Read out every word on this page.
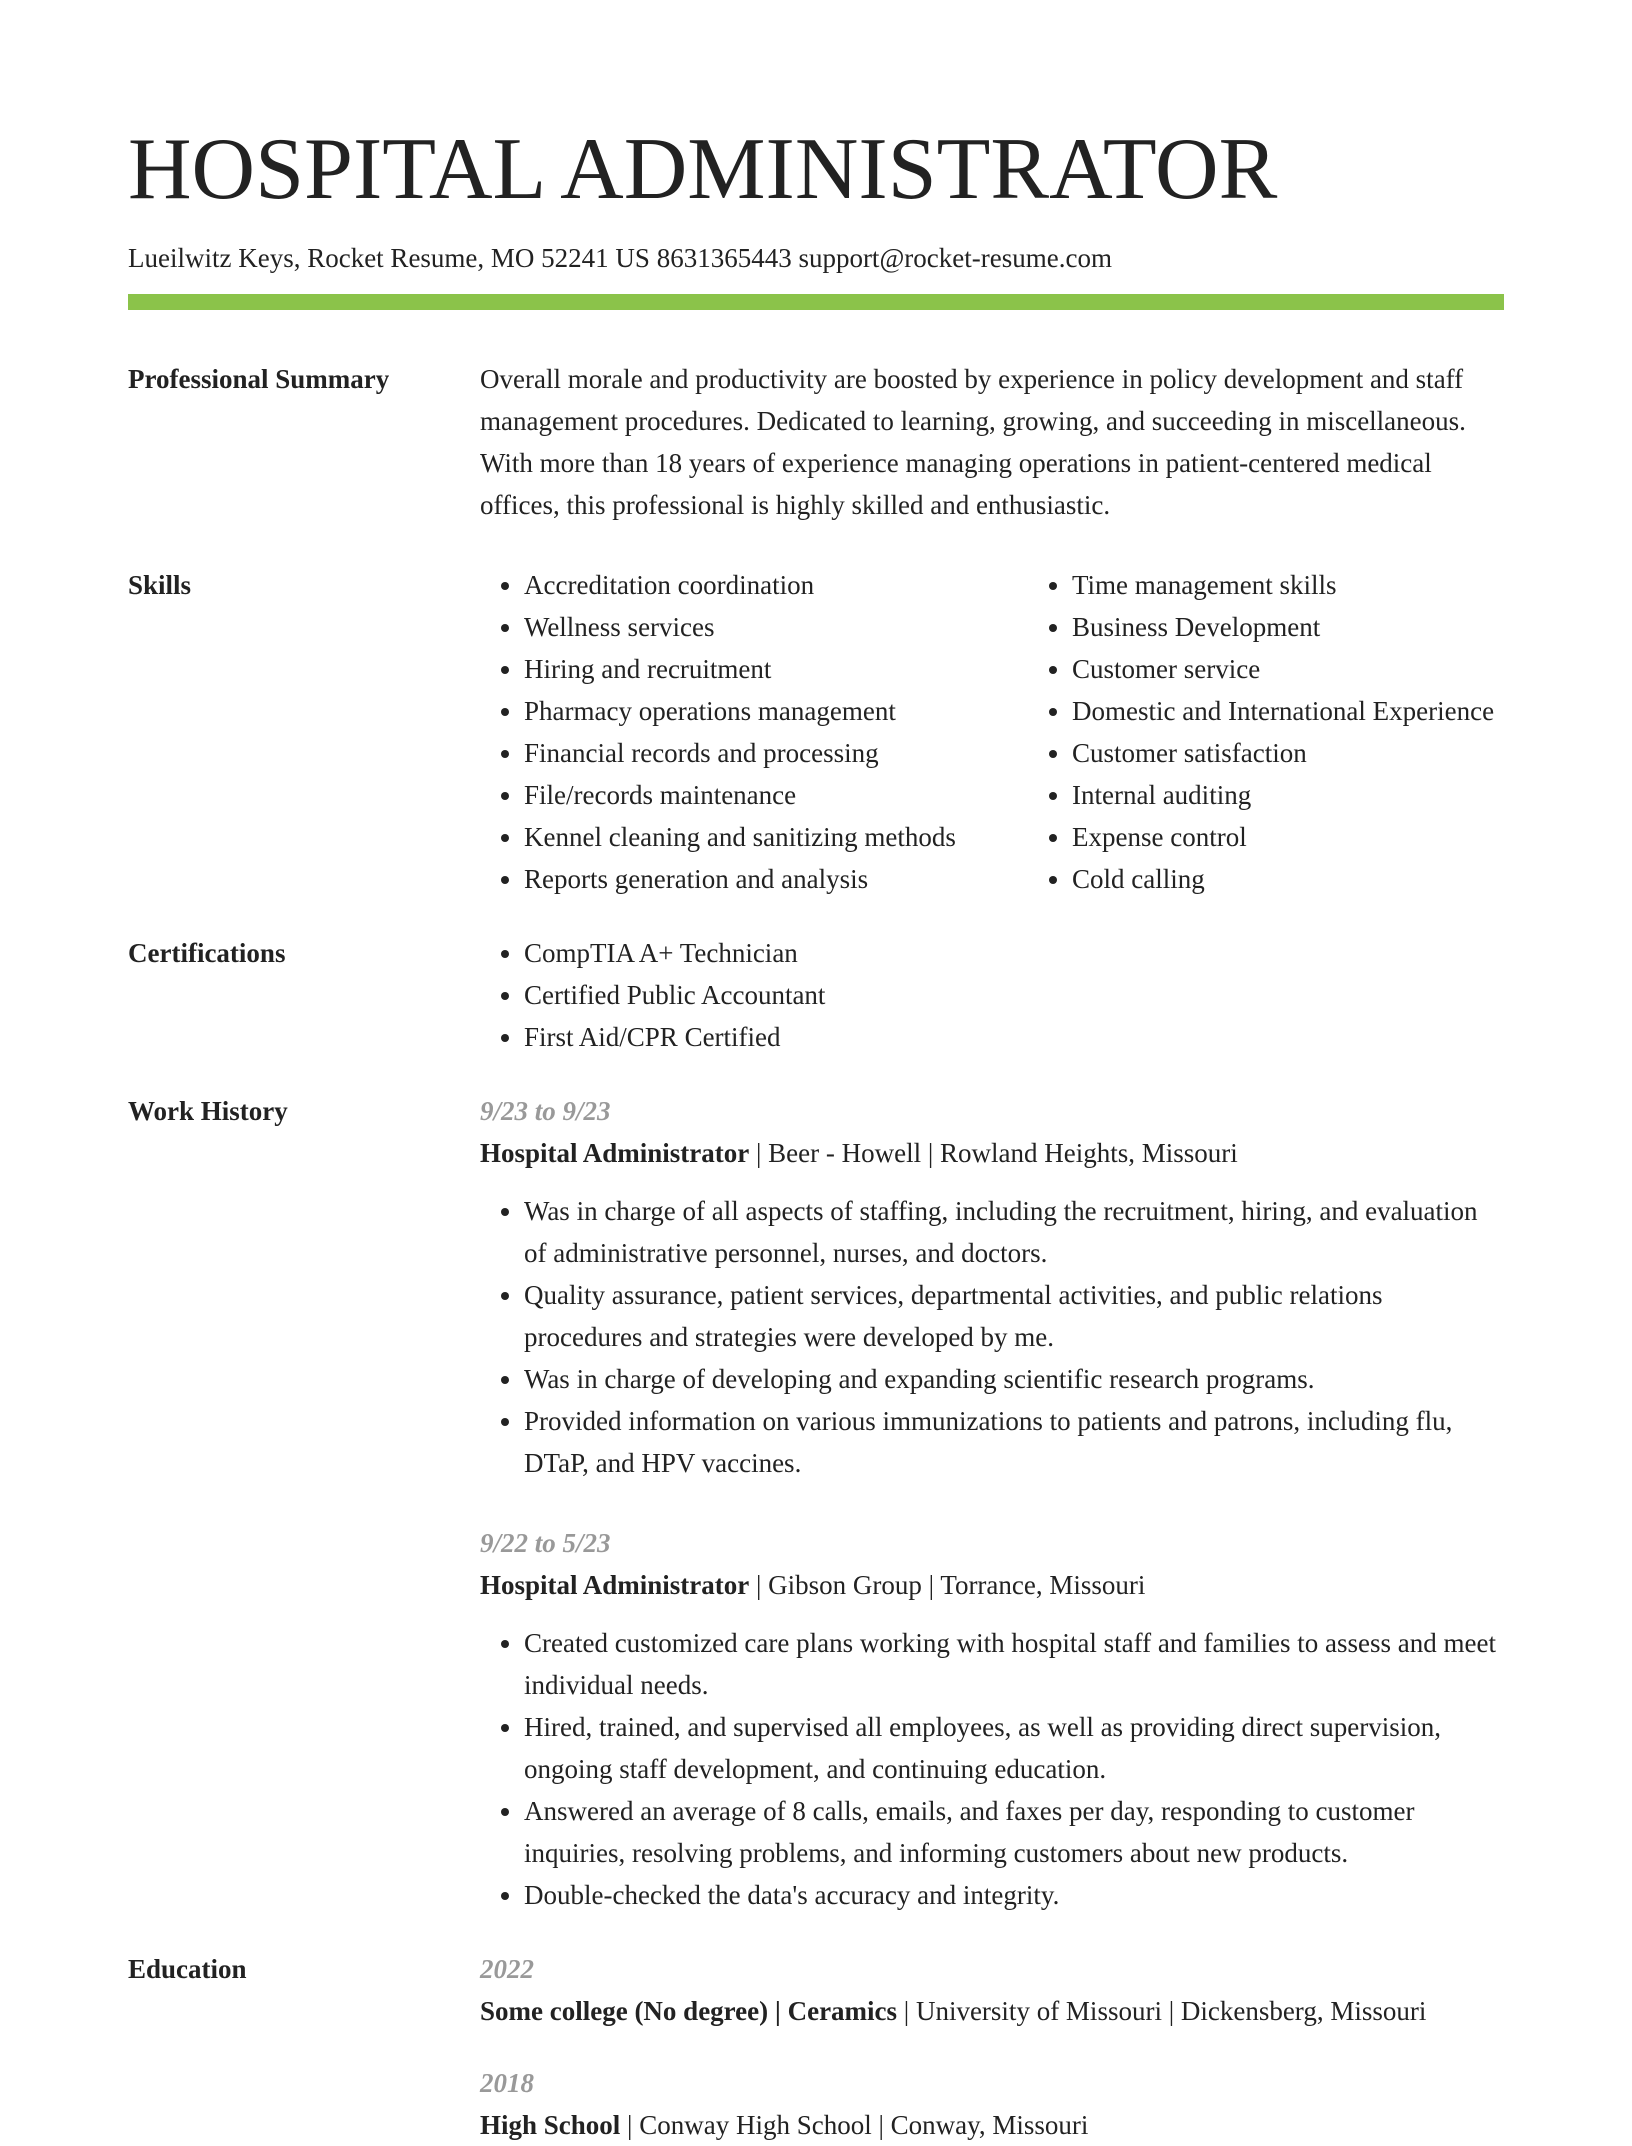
HOSPITAL ADMINISTRATOR
Lueilwitz Keys, Rocket Resume, MO 52241 US 8631365443 support@rocket-resume.com
Professional Summary	Overall morale and productivity are boosted by experience in policy development and staff management procedures. Dedicated to learning, growing, and succeeding in miscellaneous. With more than 18 years of experience managing operations in patient-centered medical offices, this professional is highly skilled and enthusiastic.

Skills	• Accreditation coordination
• Wellness services
• Hiring and recruitment
• Pharmacy operations management
• Financial records and processing
• File/records maintenance
• Kennel cleaning and sanitizing methods
• Reports generation and analysis
• Time management skills
• Business Development
• Customer service
• Domestic and International Experience
• Customer satisfaction
• Internal auditing
• Expense control
• Cold calling
Certifications	• CompTIA A+ Technician
• Certified Public Accountant
• First Aid/CPR Certified
Work History	9/23 to 9/23
Hospital Administrator | Beer - Howell | Rowland Heights, Missouri
• Was in charge of all aspects of staffing, including the recruitment, hiring, and evaluation of administrative personnel, nurses, and doctors.
• Quality assurance, patient services, departmental activities, and public relations procedures and strategies were developed by me.
• Was in charge of developing and expanding scientific research programs.
• Provided information on various immunizations to patients and patrons, including flu, DTaP, and HPV vaccines.
9/22 to 5/23
Hospital Administrator | Gibson Group | Torrance, Missouri
• Created customized care plans working with hospital staff and families to assess and meet individual needs.
• Hired, trained, and supervised all employees, as well as providing direct supervision, ongoing staff development, and continuing education.
• Answered an average of 8 calls, emails, and faxes per day, responding to customer inquiries, resolving problems, and informing customers about new products.
• Double-checked the data's accuracy and integrity.
Education	2022
Some college (No degree) | Ceramics | University of Missouri | Dickensberg, Missouri
2018
High School | Conway High School | Conway, Missouri
